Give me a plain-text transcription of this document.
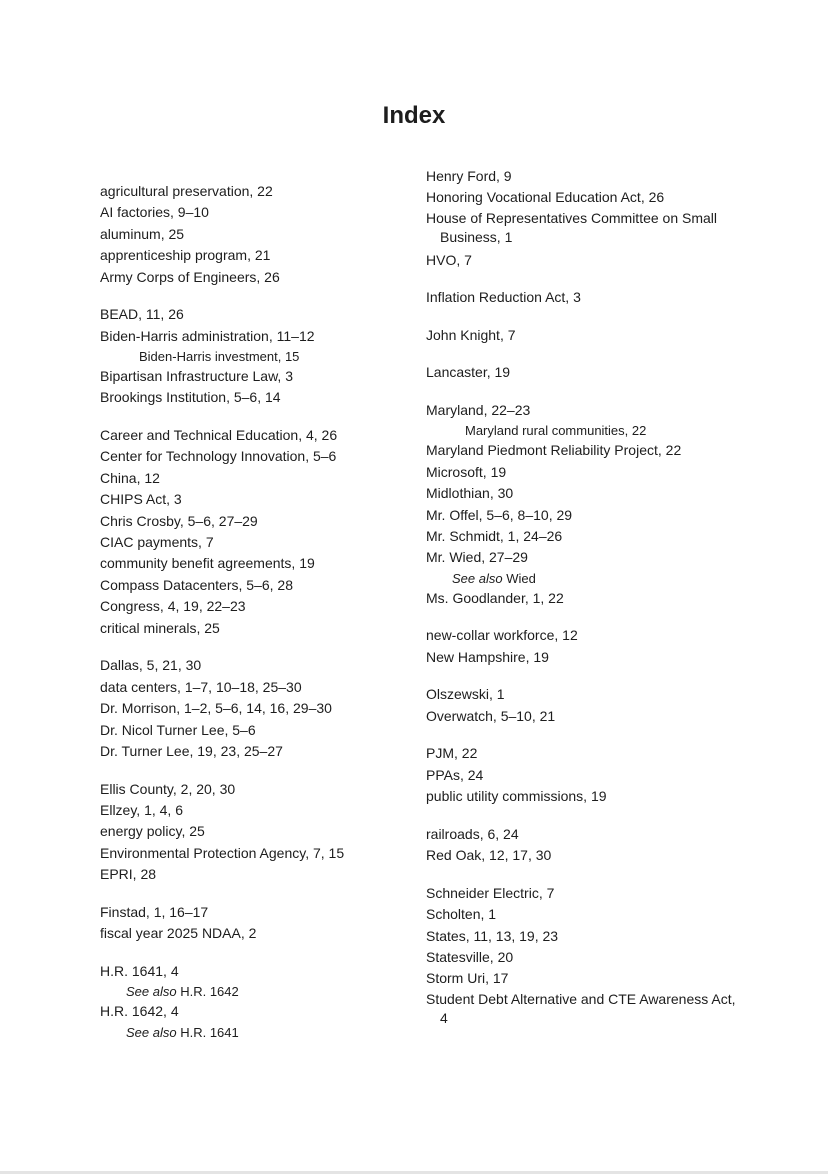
Index
agricultural preservation, 22
AI factories, 9–10
aluminum, 25
apprenticeship program, 21
Army Corps of Engineers, 26
BEAD, 11, 26
Biden-Harris administration, 11–12
Biden-Harris investment, 15
Bipartisan Infrastructure Law, 3
Brookings Institution, 5–6, 14
Career and Technical Education, 4, 26
Center for Technology Innovation, 5–6
China, 12
CHIPS Act, 3
Chris Crosby, 5–6, 27–29
CIAC payments, 7
community benefit agreements, 19
Compass Datacenters, 5–6, 28
Congress, 4, 19, 22–23
critical minerals, 25
Dallas, 5, 21, 30
data centers, 1–7, 10–18, 25–30
Dr. Morrison, 1–2, 5–6, 14, 16, 29–30
Dr. Nicol Turner Lee, 5–6
Dr. Turner Lee, 19, 23, 25–27
Ellis County, 2, 20, 30
Ellzey, 1, 4, 6
energy policy, 25
Environmental Protection Agency, 7, 15
EPRI, 28
Finstad, 1, 16–17
fiscal year 2025 NDAA, 2
H.R. 1641, 4
See also H.R. 1642
H.R. 1642, 4
See also H.R. 1641
Henry Ford, 9
Honoring Vocational Education Act, 26
House of Representatives Committee on Small Business, 1
HVO, 7
Inflation Reduction Act, 3
John Knight, 7
Lancaster, 19
Maryland, 22–23
Maryland rural communities, 22
Maryland Piedmont Reliability Project, 22
Microsoft, 19
Midlothian, 30
Mr. Offel, 5–6, 8–10, 29
Mr. Schmidt, 1, 24–26
Mr. Wied, 27–29
See also Wied
Ms. Goodlander, 1, 22
new-collar workforce, 12
New Hampshire, 19
Olszewski, 1
Overwatch, 5–10, 21
PJM, 22
PPAs, 24
public utility commissions, 19
railroads, 6, 24
Red Oak, 12, 17, 30
Schneider Electric, 7
Scholten, 1
States, 11, 13, 19, 23
Statesville, 20
Storm Uri, 17
Student Debt Alternative and CTE Awareness Act, 4
